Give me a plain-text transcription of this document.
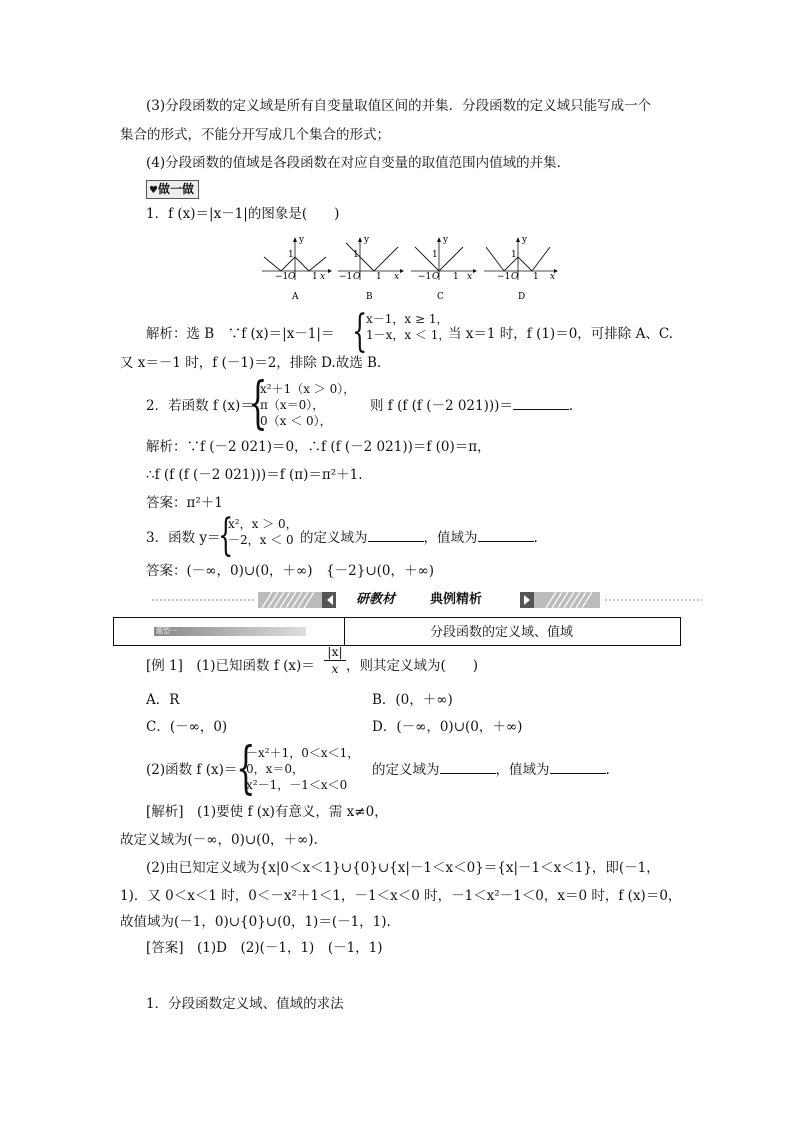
(3)分段函数的定义域是所有自变量取值区间的并集．分段函数的定义域只能写成一个
集合的形式，不能分开写成几个集合的形式；
(4)分段函数的值域是各段函数在对应自变量的取值范围内值域的并集．
♥做一做
1．f (x)＝|x－1|的图象是(　　)
y
1
−1 O 1 x
A
y
1
−1 O 1 x
B
y
1
−1 O 1 x
C
y
1
−1 O 1 x
D
解析：选 B　∵f (x)＝|x－1|＝ {
x－1，x ≥ 1，
1－x，x ＜ 1，
当 x＝1 时，f (1)＝0，可排除 A、C.
又 x＝－1 时，f (－1)＝2，排除 D.故选 B.
2．若函数 f (x)＝
{
x²＋1（x ＞ 0），
π（x＝0），
0（x ＜ 0），
则 f (f (f (－2 021)))＝	.
解析：∵f (－2 021)＝0，∴f (f (－2 021))＝f (0)＝π，
∴f (f (f (－2 021)))＝f (π)＝π²＋1.
答案：π²＋1
3．函数 y＝
{
x²，x ＞ 0，
－2，x ＜ 0 的定义域为	，值域为	.
答案：(－∞，0)∪(0，＋∞)　{－2}∪(0，＋∞)
研教材	典例精析
题型一	分段函数的定义域、值域
[例 1]　(1)已知函数 f $(x)= \frac{|x|}{x}$ ，则其定义域为(　　)
A．R	B．(0，＋∞)
C．(－∞，0)	D．(－∞，0)∪(0，＋∞)
(2)函数 f (x)＝
{
－x²＋1，0＜x＜1，
0，x＝0，
x²－1，－1＜x＜0
的定义域为	，值域为	.
[解析]　(1)要使 f (x)有意义，需 x≠0，
故定义域为(－∞，0)∪(0，＋∞).
(2)由已知定义域为{x|0＜x＜1}∪{0}∪{x|－1＜x＜0}＝{x|－1＜x＜1}，即(－1，
1)．又 0＜x＜1 时，0＜－x²＋1＜1，－1＜x＜0 时，－1＜x²－1＜0，x＝0 时，f (x)＝0，
故值域为(－1，0)∪{0}∪(0，1)＝(－1，1).
[答案]　(1)D　(2)(－1，1)　(－1，1)
1．分段函数定义域、值域的求法
